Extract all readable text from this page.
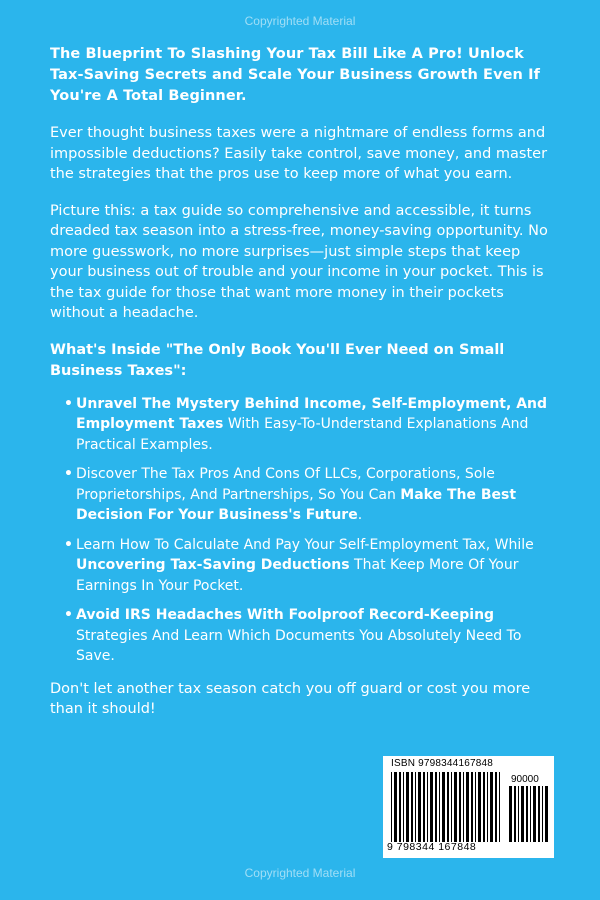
Copyrighted Material

The Blueprint To Slashing Your Tax Bill Like A Pro! Unlock Tax-Saving Secrets and Scale Your Business Growth Even If You're A Total Beginner.

Ever thought business taxes were a nightmare of endless forms and impossible deductions? Easily take control, save money, and master the strategies that the pros use to keep more of what you earn.

Picture this: a tax guide so comprehensive and accessible, it turns dreaded tax season into a stress-free, money-saving opportunity. No more guesswork, no more surprises—just simple steps that keep your business out of trouble and your income in your pocket. This is the tax guide for those that want more money in their pockets without a headache.

What's Inside "The Only Book You'll Ever Need on Small Business Taxes":

• Unravel The Mystery Behind Income, Self-Employment, And Employment Taxes With Easy-To-Understand Explanations And Practical Examples.
• Discover The Tax Pros And Cons Of LLCs, Corporations, Sole Proprietorships, And Partnerships, So You Can Make The Best Decision For Your Business's Future.
• Learn How To Calculate And Pay Your Self-Employment Tax, While Uncovering Tax-Saving Deductions That Keep More Of Your Earnings In Your Pocket.
• Avoid IRS Headaches With Foolproof Record-Keeping Strategies And Learn Which Documents You Absolutely Need To Save.

Don't let another tax season catch you off guard or cost you more than it should!

ISBN 9798344167848
90000
9 798344 167848
Copyrighted Material
